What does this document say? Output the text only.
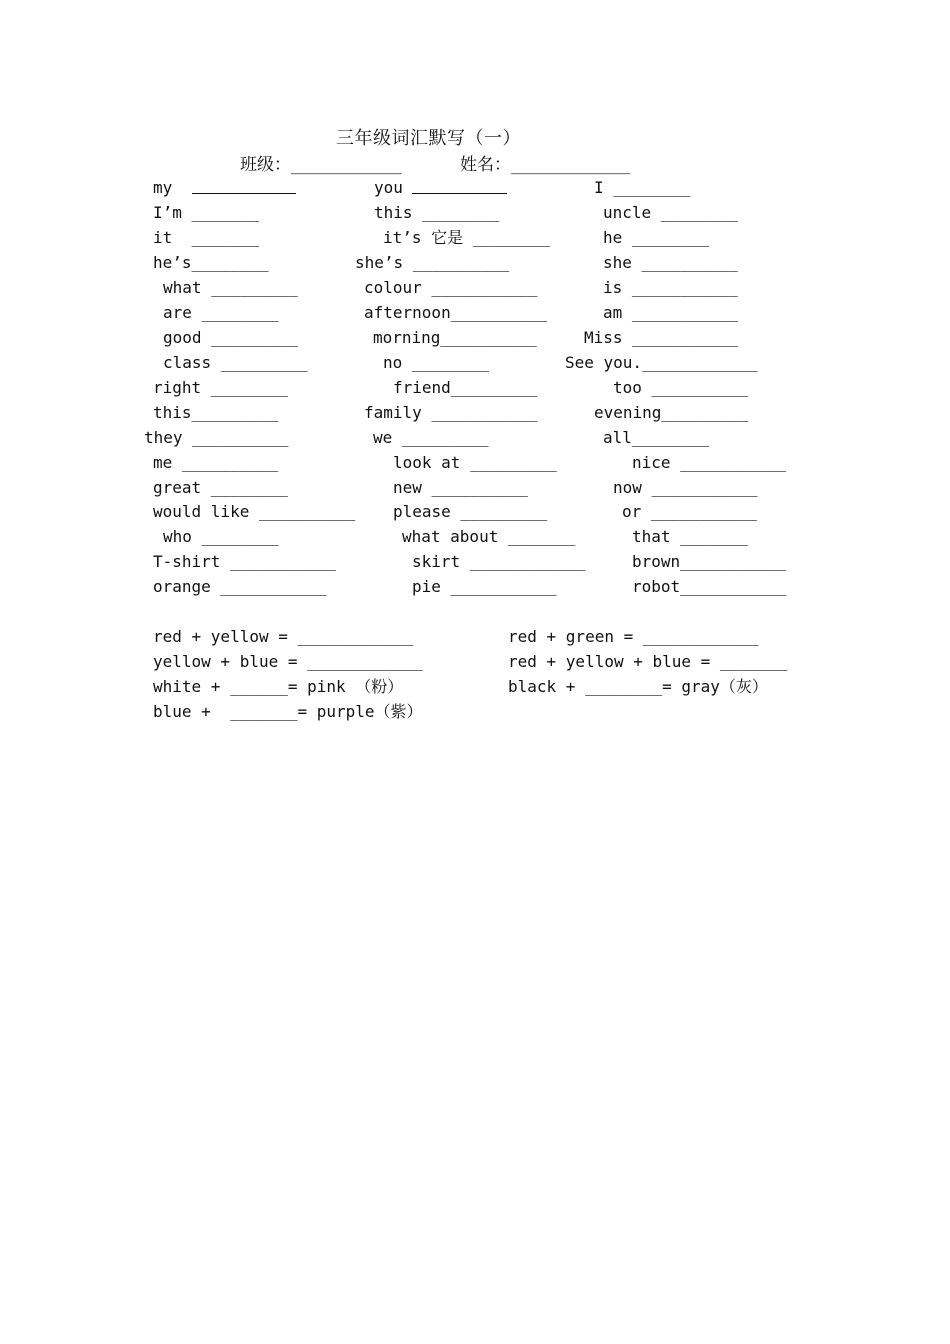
三年级词汇默写（一）
班级：_____________	姓名：______________
my	you	I ________
I’m _______	this ________	uncle ________
it  _______	it’s 它是 ________	he ________
he’s________	she’s __________	she __________
what _________	colour ___________	is ___________
are ________	afternoon__________	am ___________
good _________	morning__________	Miss ___________
class _________	no ________	See you.____________
right ________	friend_________	too __________
this_________	family ___________	evening_________
they __________	we _________	all________
me __________	look at _________	nice ___________
great ________	new __________	now ___________
would like __________ please _________	or ___________
who ________	what about _______	that _______
T-shirt ___________	skirt ____________	brown___________
orange ___________	pie ___________	robot___________
red + yellow = ____________	red + green = ____________
yellow + blue = ____________	red + yellow + blue = _______
white + ______= pink （粉）	black + ________= gray（灰）
blue +  _______= purple（紫）
